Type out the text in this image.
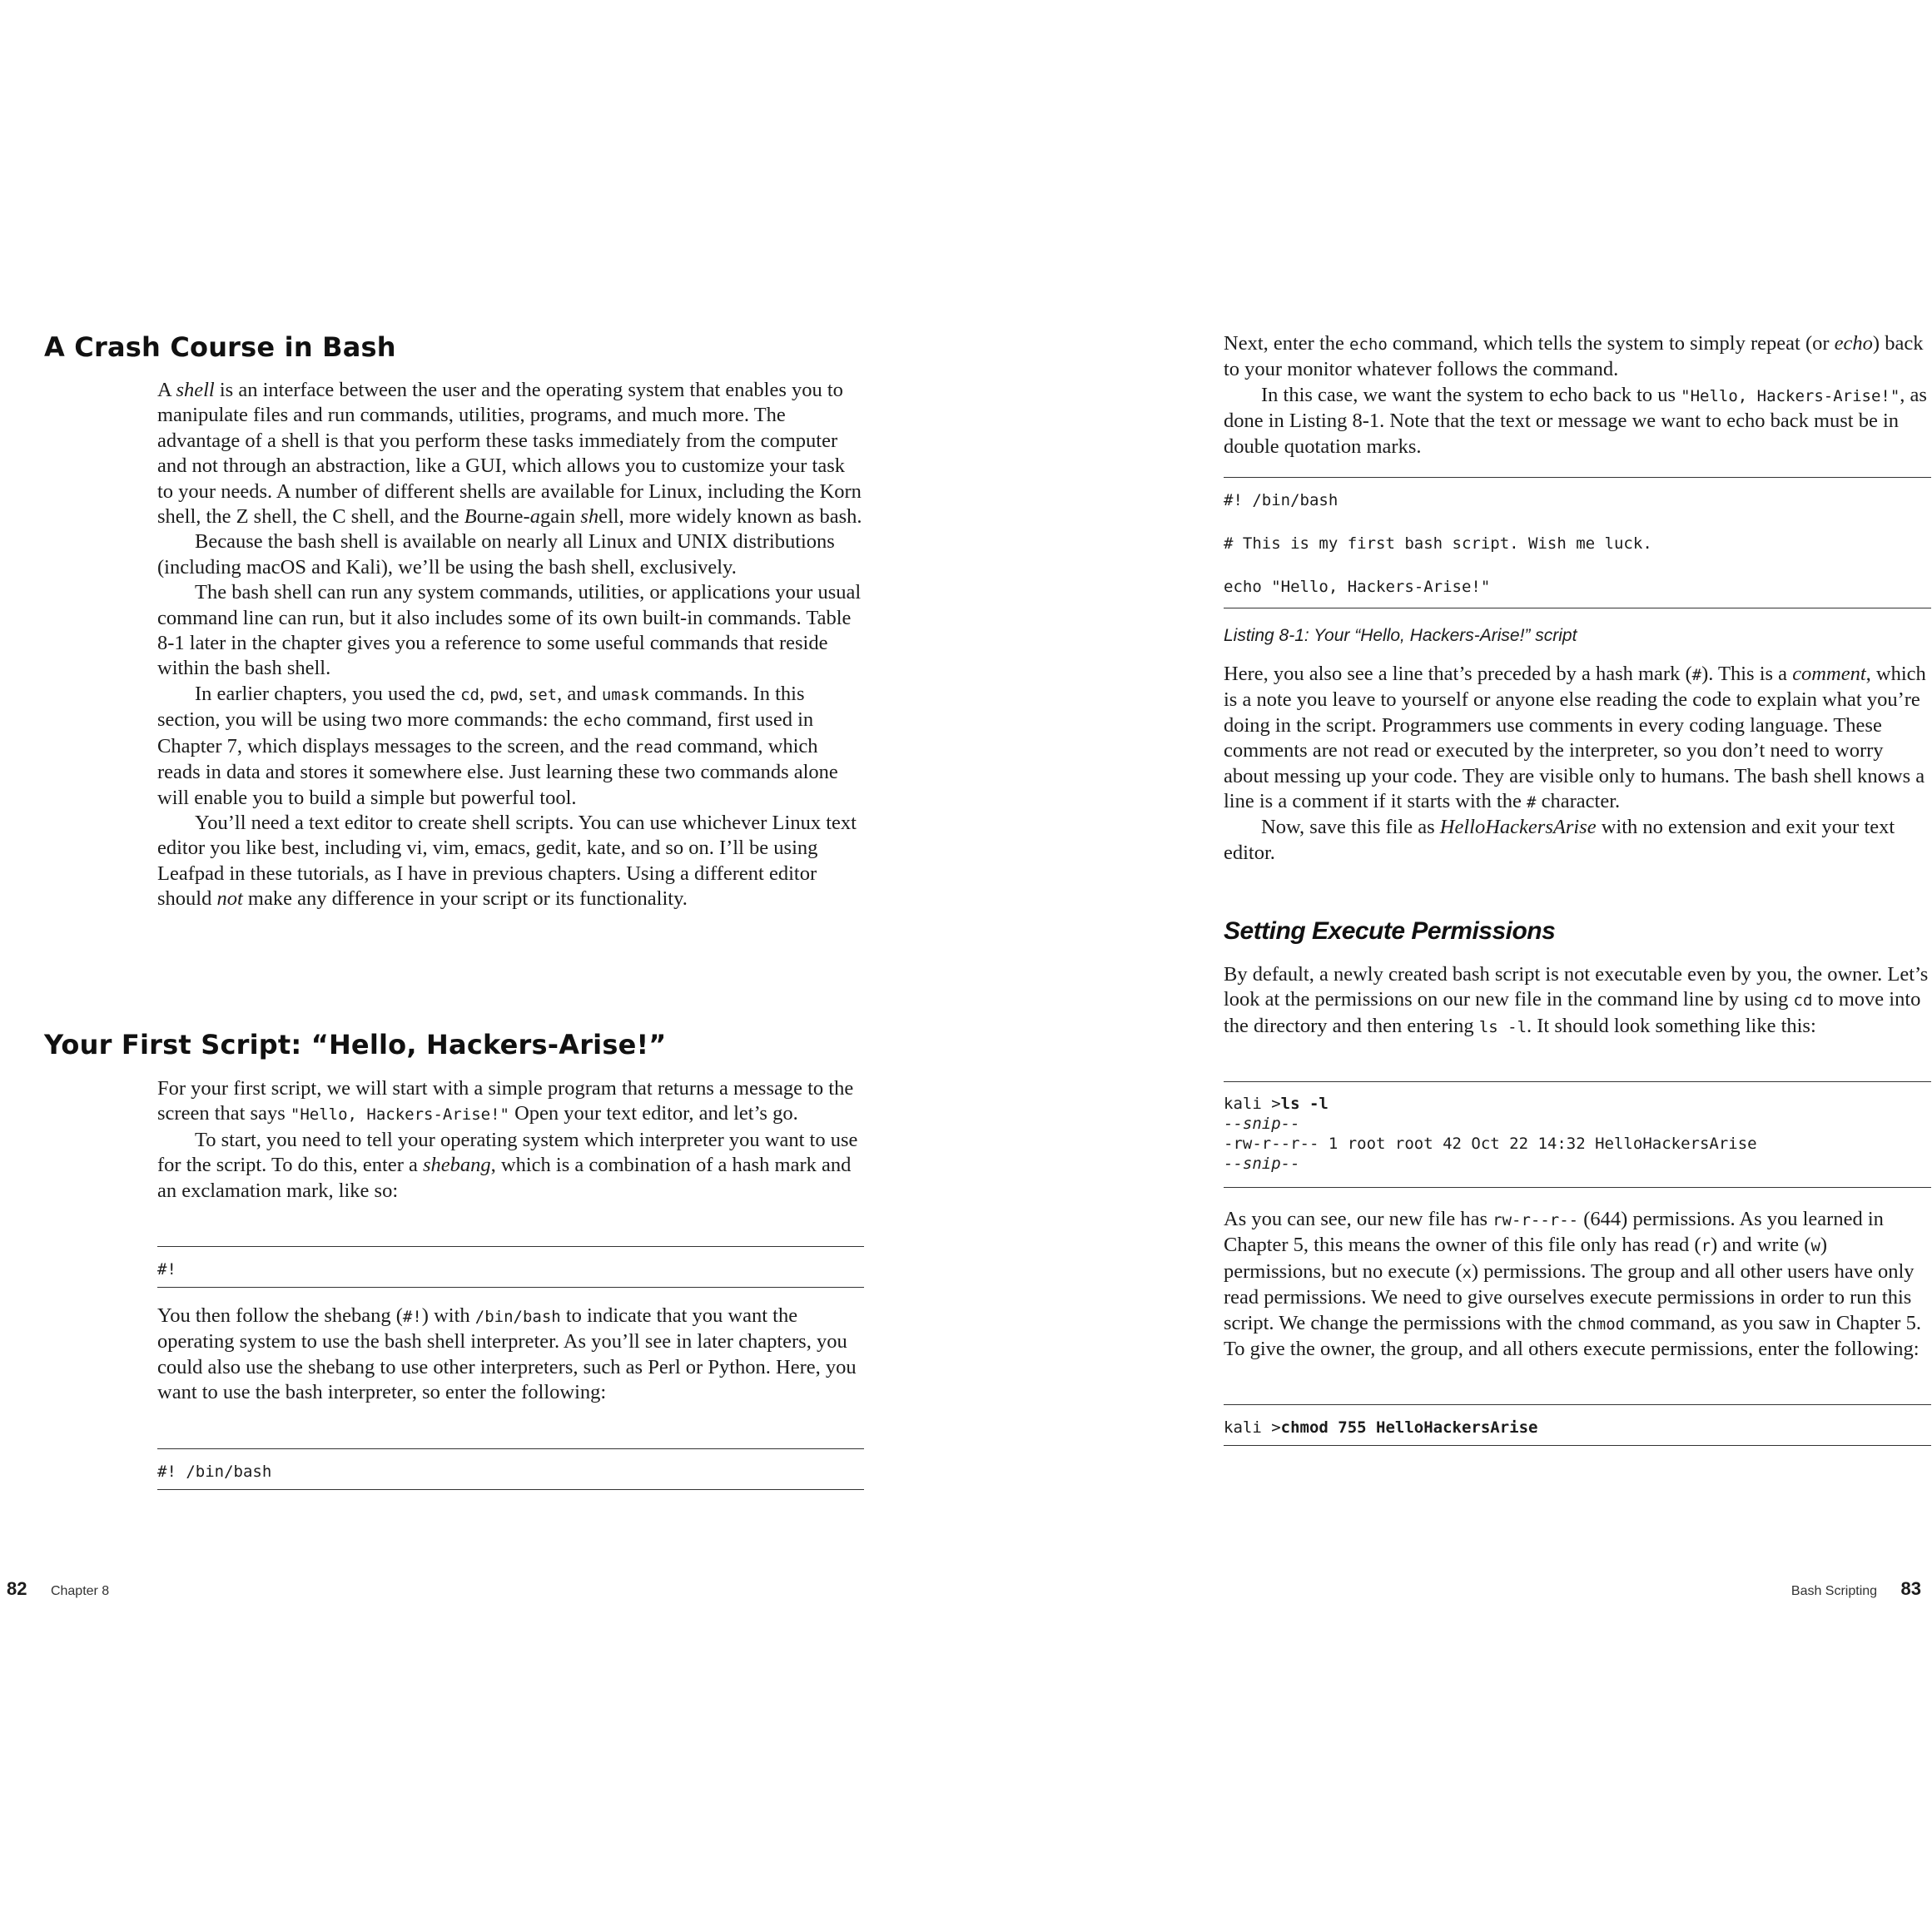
A Crash Course in Bash

A shell is an interface between the user and the operating system that enables you to manipulate files and run commands, utilities, programs, and much more. The advantage of a shell is that you perform these tasks immediately from the computer and not through an abstraction, like a GUI, which allows you to customize your task to your needs. A number of different shells are available for Linux, including the Korn shell, the Z shell, the C shell, and the Bourne-again shell, more widely known as bash.

Because the bash shell is available on nearly all Linux and UNIX distributions (including macOS and Kali), we’ll be using the bash shell, exclusively.

The bash shell can run any system commands, utilities, or applications your usual command line can run, but it also includes some of its own built-in commands. Table 8-1 later in the chapter gives you a reference to some useful commands that reside within the bash shell.

In earlier chapters, you used the cd, pwd, set, and umask commands. In this section, you will be using two more commands: the echo command, first used in Chapter 7, which displays messages to the screen, and the read command, which reads in data and stores it somewhere else. Just learning these two commands alone will enable you to build a simple but powerful tool.

You’ll need a text editor to create shell scripts. You can use whichever Linux text editor you like best, including vi, vim, emacs, gedit, kate, and so on. I’ll be using Leafpad in these tutorials, as I have in previous chapters. Using a different editor should not make any difference in your script or its functionality.

Your First Script: “Hello, Hackers-Arise!”

For your first script, we will start with a simple program that returns a message to the screen that says "Hello, Hackers-Arise!" Open your text editor, and let’s go.

To start, you need to tell your operating system which interpreter you want to use for the script. To do this, enter a shebang, which is a combination of a hash mark and an exclamation mark, like so:

#!

You then follow the shebang (#!) with /bin/bash to indicate that you want the operating system to use the bash shell interpreter. As you’ll see in later chapters, you could also use the shebang to use other interpreters, such as Perl or Python. Here, you want to use the bash interpreter, so enter the following:

#! /bin/bash
82 Chapter 8

Next, enter the echo command, which tells the system to simply repeat (or echo) back to your monitor whatever follows the command.

In this case, we want the system to echo back to us "Hello, Hackers-Arise!", as done in Listing 8-1. Note that the text or message we want to echo back must be in double quotation marks.

#! /bin/bash
# This is my first bash script. Wish me luck.
echo "Hello, Hackers-Arise!"
Listing 8-1: Your “Hello, Hackers-Arise!” script

Here, you also see a line that’s preceded by a hash mark (#). This is a comment, which is a note you leave to yourself or anyone else reading the code to explain what you’re doing in the script. Programmers use comments in every coding language. These comments are not read or executed by the interpreter, so you don’t need to worry about messing up your code. They are visible only to humans. The bash shell knows a line is a comment if it starts with the # character.

Now, save this file as HelloHackersArise with no extension and exit your text editor.

Setting Execute Permissions

By default, a newly created bash script is not executable even by you, the owner. Let’s look at the permissions on our new file in the command line by using cd to move into the directory and then entering ls -l. It should look something like this:

kali >ls -l
--snip--
-rw-r--r-- 1 root root 42 Oct 22 14:32 HelloHackersArise
--snip--

As you can see, our new file has rw-r--r-- (644) permissions. As you learned in Chapter 5, this means the owner of this file only has read (r) and write (w) permissions, but no execute (x) permissions. The group and all other users have only read permissions. We need to give ourselves execute permissions in order to run this script. We change the permissions with the chmod command, as you saw in Chapter 5. To give the owner, the group, and all others execute permissions, enter the following:

kali >chmod 755 HelloHackersArise
Bash Scripting 83
